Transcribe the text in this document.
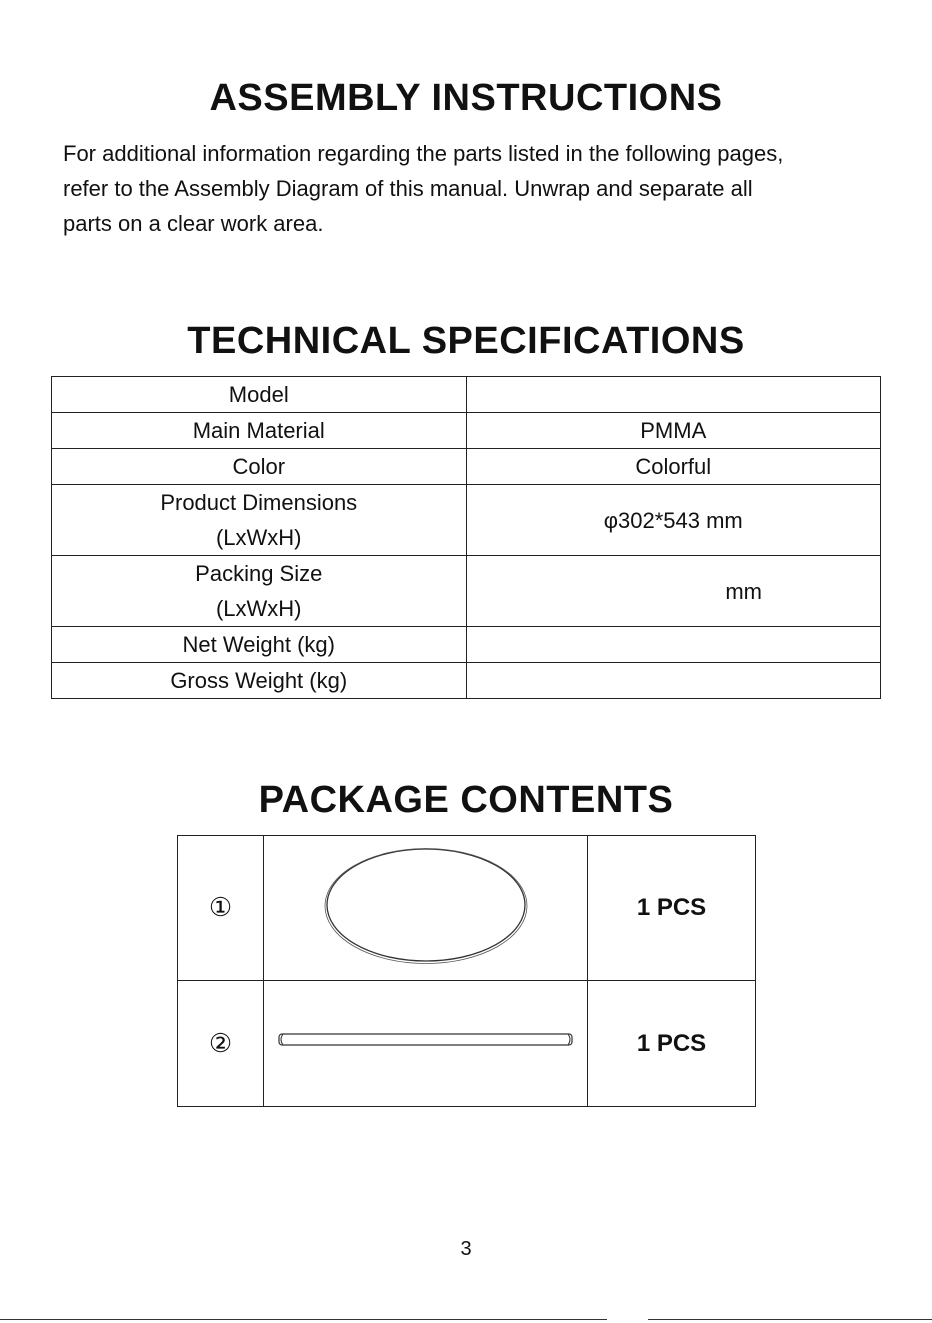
ASSEMBLY INSTRUCTIONS

For additional information regarding the parts listed in the following pages,
refer to the Assembly Diagram of this manual. Unwrap and separate all
parts on a clear work area.

TECHNICAL SPECIFICATIONS
Model	
Main Material	PMMA
Color	Colorful
Product Dimensions
(LxWxH)	φ302*543 mm
Packing Size
(LxWxH)	mm
Net Weight (kg)	
Gross Weight (kg)	
PACKAGE CONTENTS
①		1 PCS
②		1 PCS
3
